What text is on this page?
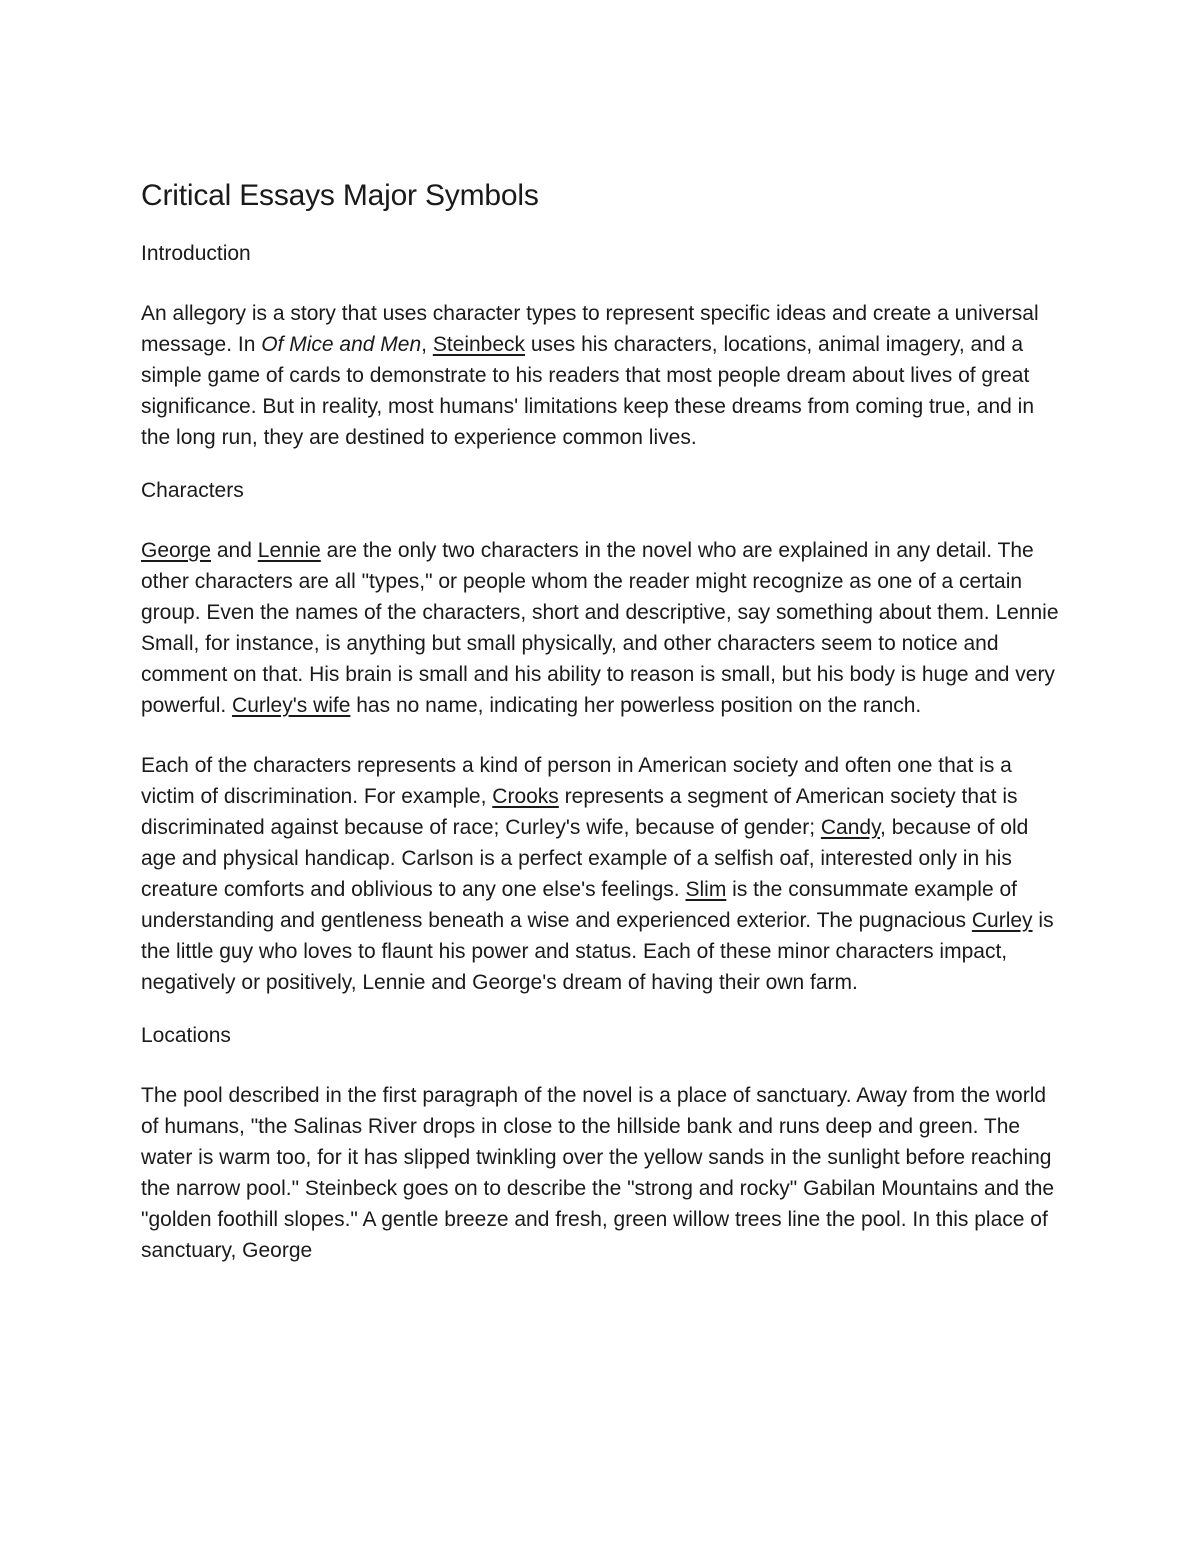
Critical Essays Major Symbols
Introduction

An allegory is a story that uses character types to represent specific ideas and create a universal message. In Of Mice and Men, Steinbeck uses his characters, locations, animal imagery, and a simple game of cards to demonstrate to his readers that most people dream about lives of great significance. But in reality, most humans' limitations keep these dreams from coming true, and in the long run, they are destined to experience common lives.

Characters

George and Lennie are the only two characters in the novel who are explained in any detail. The other characters are all "types," or people whom the reader might recognize as one of a certain group. Even the names of the characters, short and descriptive, say something about them. Lennie Small, for instance, is anything but small physically, and other characters seem to notice and comment on that. His brain is small and his ability to reason is small, but his body is huge and very powerful. Curley's wife has no name, indicating her powerless position on the ranch.

Each of the characters represents a kind of person in American society and often one that is a victim of discrimination. For example, Crooks represents a segment of American society that is discriminated against because of race; Curley's wife, because of gender; Candy, because of old age and physical handicap. Carlson is a perfect example of a selfish oaf, interested only in his creature comforts and oblivious to any one else's feelings. Slim is the consummate example of understanding and gentleness beneath a wise and experienced exterior. The pugnacious Curley is the little guy who loves to flaunt his power and status. Each of these minor characters impact, negatively or positively, Lennie and George's dream of having their own farm.

Locations

The pool described in the first paragraph of the novel is a place of sanctuary. Away from the world of humans, "the Salinas River drops in close to the hillside bank and runs deep and green. The water is warm too, for it has slipped twinkling over the yellow sands in the sunlight before reaching the narrow pool." Steinbeck goes on to describe the "strong and rocky" Gabilan Mountains and the "golden foothill slopes." A gentle breeze and fresh, green willow trees line the pool. In this place of sanctuary, George
